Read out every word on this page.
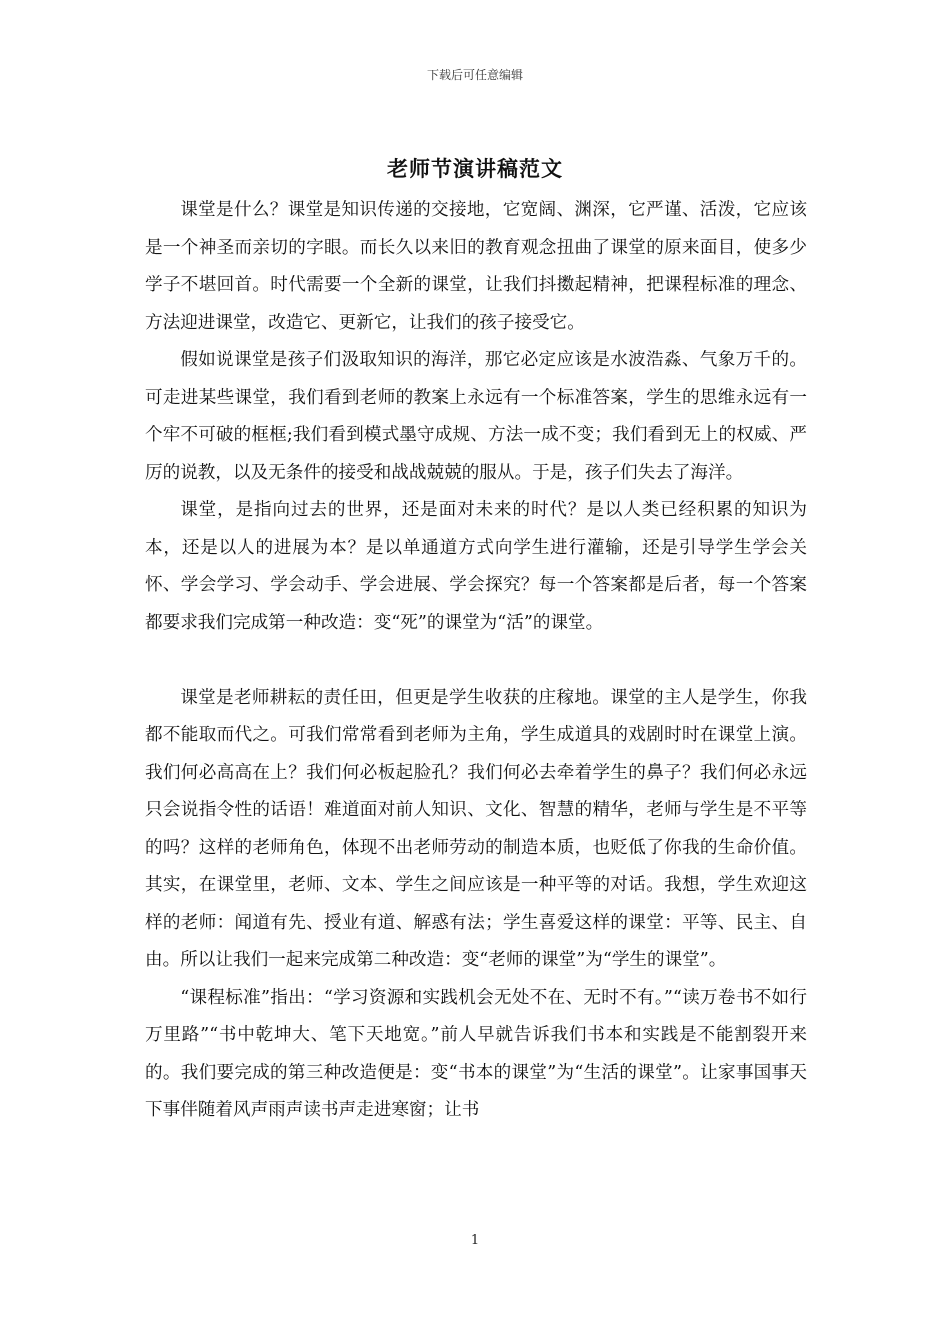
下载后可任意编辑
老师节演讲稿范文

课堂是什么？课堂是知识传递的交接地，它宽阔、渊深，它严谨、活泼，它应该是一个神圣而亲切的字眼。而长久以来旧的教育观念扭曲了课堂的原来面目，使多少学子不堪回首。时代需要一个全新的课堂，让我们抖擞起精神，把课程标准的理念、方法迎进课堂，改造它、更新它，让我们的孩子接受它。

假如说课堂是孩子们汲取知识的海洋，那它必定应该是水波浩淼、气象万千的。可走进某些课堂，我们看到老师的教案上永远有一个标准答案，学生的思维永远有一个牢不可破的框框;我们看到模式墨守成规、方法一成不变；我们看到无上的权威、严厉的说教，以及无条件的接受和战战兢兢的服从。于是，孩子们失去了海洋。

课堂，是指向过去的世界，还是面对未来的时代？是以人类已经积累的知识为本，还是以人的进展为本？是以单通道方式向学生进行灌输，还是引导学生学会关怀、学会学习、学会动手、学会进展、学会探究？每一个答案都是后者，每一个答案都要求我们完成第一种改造：变“死”的课堂为“活”的课堂。

课堂是老师耕耘的责任田，但更是学生收获的庄稼地。课堂的主人是学生，你我都不能取而代之。可我们常常看到老师为主角，学生成道具的戏剧时时在课堂上演。我们何必高高在上？我们何必板起脸孔？我们何必去牵着学生的鼻子？我们何必永远只会说指令性的话语！难道面对前人知识、文化、智慧的精华，老师与学生是不平等的吗？这样的老师角色，体现不出老师劳动的制造本质，也贬低了你我的生命价值。其实，在课堂里，老师、文本、学生之间应该是一种平等的对话。我想，学生欢迎这样的老师：闻道有先、授业有道、解惑有法；学生喜爱这样的课堂：平等、民主、自由。所以让我们一起来完成第二种改造：变“老师的课堂”为“学生的课堂”。

“课程标准”指出：“学习资源和实践机会无处不在、无时不有。”“读万卷书不如行万里路”“书中乾坤大、笔下天地宽。”前人早就告诉我们书本和实践是不能割裂开来的。我们要完成的第三种改造便是：变“书本的课堂”为“生活的课堂”。让家事国事天下事伴随着风声雨声读书声走进寒窗；让书

1
